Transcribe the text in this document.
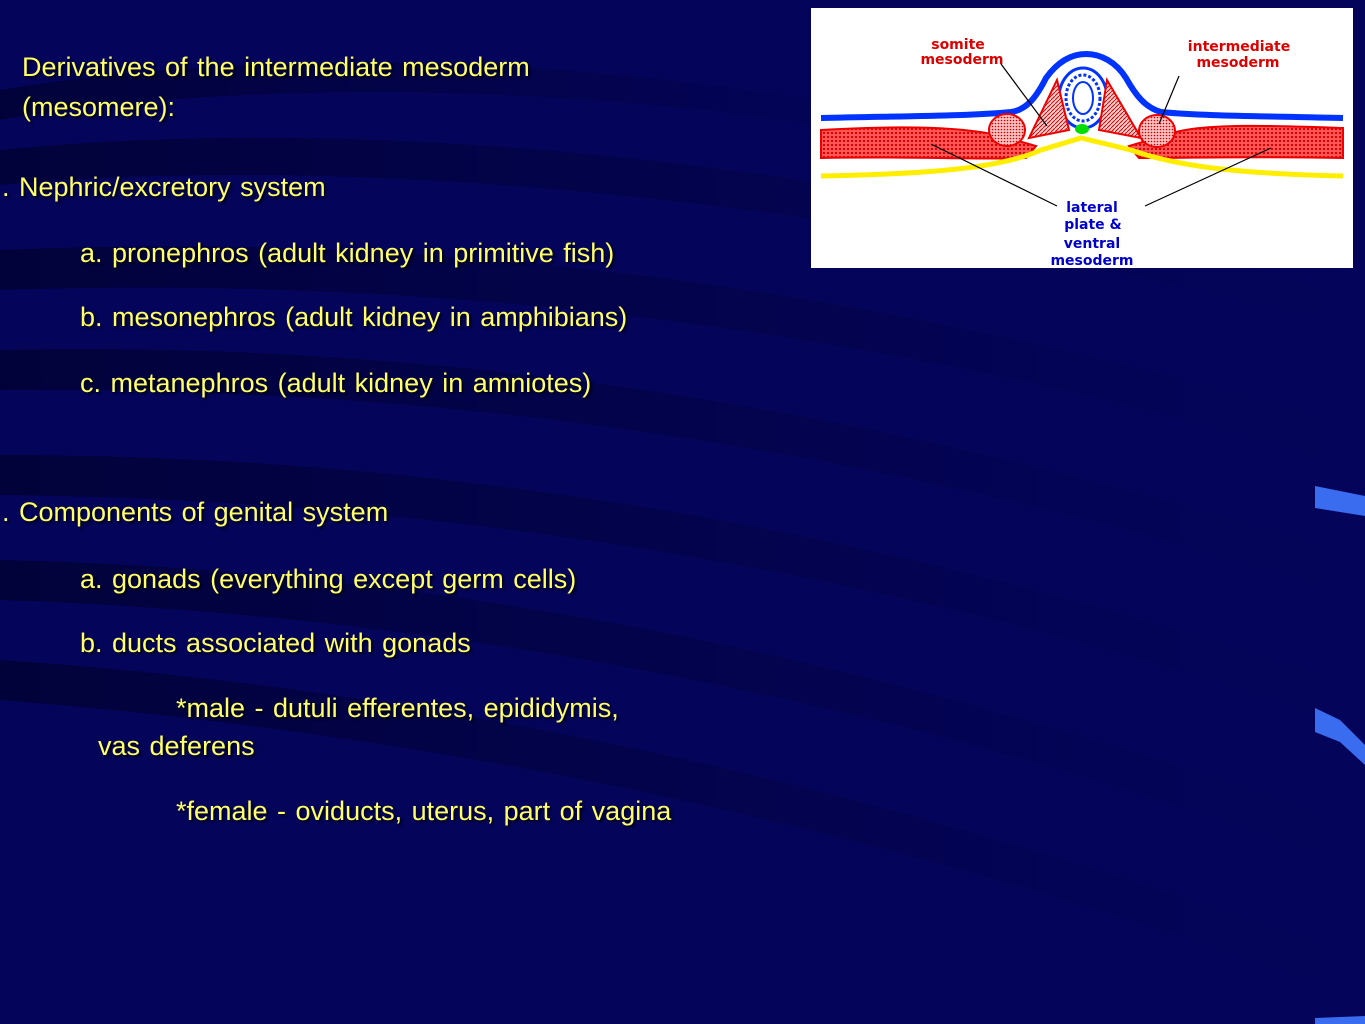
Derivatives of the intermediate mesoderm
(mesomere):
. Nephric/excretory system
a. pronephros (adult kidney in primitive fish)
b. mesonephros (adult kidney in amphibians)
c. metanephros (adult kidney in amniotes)
. Components of genital system
a. gonads (everything except germ cells)
b. ducts associated with gonads
*male - dutuli efferentes, epididymis,
vas deferens
*female - oviducts, uterus, part of vagina
somite
mesoderm
intermediate
mesoderm
lateral
plate &
ventral
mesoderm
